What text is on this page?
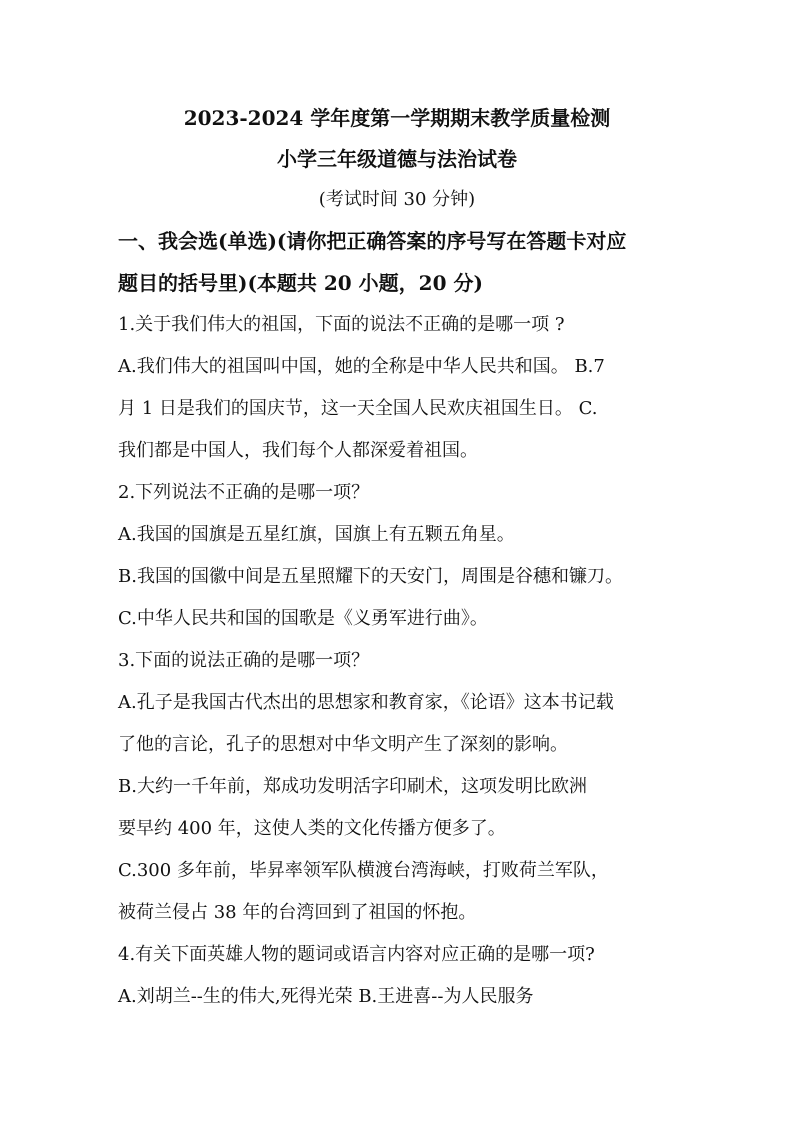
2023-2024 学年度第一学期期末教学质量检测
小学三年级道德与法治试卷
(考试时间 30 分钟)
一、我会选(单选)(请你把正确答案的序号写在答题卡对应
题目的括号里)(本题共 20 小题，20 分)
1.关于我们伟大的祖国，下面的说法不正确的是哪一项 ?
A.我们伟大的祖国叫中国，她的全称是中华人民共和国。 B.7
月 1 日是我们的国庆节，这一天全国人民欢庆祖国生日。 C.
我们都是中国人，我们每个人都深爱着祖国。
2.下列说法不正确的是哪一项？
A.我国的国旗是五星红旗，国旗上有五颗五角星。
B.我国的国徽中间是五星照耀下的天安门，周围是谷穗和镰刀。
C.中华人民共和国的国歌是《义勇军进行曲》。
3.下面的说法正确的是哪一项？
A.孔子是我国古代杰出的思想家和教育家，《论语》这本书记载
了他的言论，孔子的思想对中华文明产生了深刻的影响。
B.大约一千年前，郑成功发明活字印刷术，这项发明比欧洲
要早约 400 年，这使人类的文化传播方便多了。
C.300 多年前，毕昇率领军队横渡台湾海峡，打败荷兰军队，
被荷兰侵占 38 年的台湾回到了祖国的怀抱。
4.有关下面英雄人物的题词或语言内容对应正确的是哪一项?
A.刘胡兰--生的伟大,死得光荣 B.王进喜--为人民服务
